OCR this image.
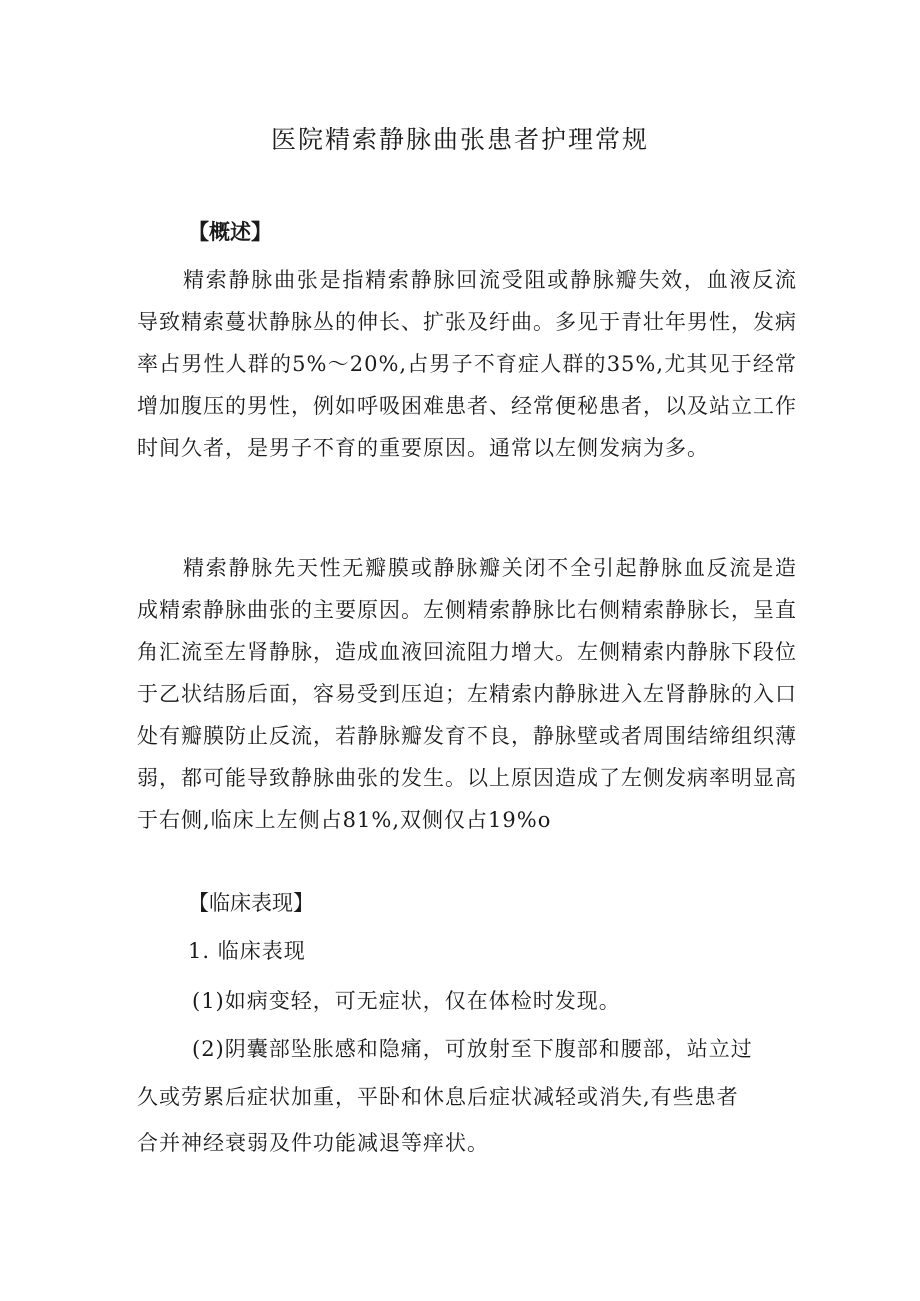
医院精索静脉曲张患者护理常规
【概述】
精索静脉曲张是指精索静脉回流受阻或静脉瓣失效，血液反流导致精索蔓状静脉丛的伸长、扩张及纡曲。多见于青壮年男性，发病率占男性人群的5%～20%,占男子不育症人群的35%,尤其见于经常增加腹压的男性，例如呼吸困难患者、经常便秘患者，以及站立工作时间久者，是男子不育的重要原因。通常以左侧发病为多。
精索静脉先天性无瓣膜或静脉瓣关闭不全引起静脉血反流是造成精索静脉曲张的主要原因。左侧精索静脉比右侧精索静脉长，呈直角汇流至左肾静脉，造成血液回流阻力增大。左侧精索内静脉下段位于乙状结肠后面，容易受到压迫；左精索内静脉进入左肾静脉的入口处有瓣膜防止反流，若静脉瓣发育不良，静脉壁或者周围结缔组织薄弱，都可能导致静脉曲张的发生。以上原因造成了左侧发病率明显高于右侧,临床上左侧占81%,双侧仅占19%o
【临床表现】
1. 临床表现
(1)如病变轻，可无症状，仅在体检时发现。
(2)阴囊部坠胀感和隐痛，可放射至下腹部和腰部，站立过
久或劳累后症状加重，平卧和休息后症状减轻或消失,有些患者
合并神经衰弱及件功能减退等痒状。
